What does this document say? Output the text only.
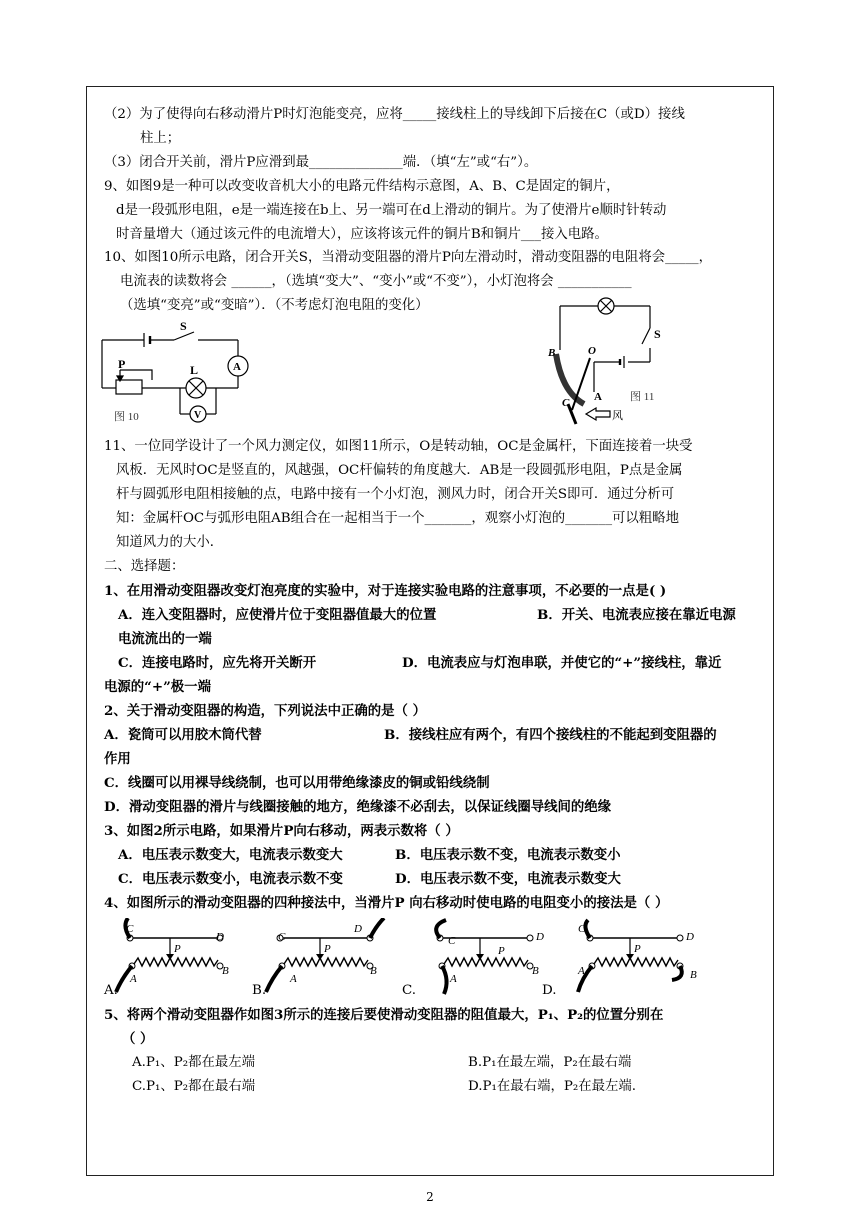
（2）为了使得向右移动滑片P时灯泡能变亮，应将_____接线柱上的导线卸下后接在C（或D）接线
柱上；
（3）闭合开关前，滑片P应滑到最______________端．（填“左”或“右”）。
9、如图9是一种可以改变收音机大小的电路元件结构示意图，A、B、C是固定的铜片，
d是一段弧形电阻，e是一端连接在b上、另一端可在d上滑动的铜片。为了使滑片e顺时针转动
时音量增大（通过该元件的电流增大），应该将该元件的铜片B和铜片___接入电路。
10、如图10所示电路，闭合开关S，当滑动变阻器的滑片P向左滑动时，滑动变阻器的电阻将会_____，
电流表的读数将会 ______，（选填“变大”、“变小”或“不变”），小灯泡将会 ___________
（选填“变亮”或“变暗”）．（不考虑灯泡电阻的变化）
S
A
L
P
V
图 10
S
B	O
A
C
风
图 11
11、一位同学设计了一个风力测定仪，如图11所示，O是转动轴，OC是金属杆，下面连接着一块受
风板．无风时OC是竖直的，风越强，OC杆偏转的角度越大．AB是一段圆弧形电阻，P点是金属
杆与圆弧形电阻相接触的点，电路中接有一个小灯泡，测风力时，闭合开关S即可．通过分析可
知：金属杆OC与弧形电阻AB组合在一起相当于一个_______，观察小灯泡的_______可以粗略地
知道风力的大小．
二、选择题：
1、在用滑动变阻器改变灯泡亮度的实验中，对于连接实验电路的注意事项，不必要的一点是( )
A．连入变阻器时，应使滑片位于变阻器值最大的位置	B．开关、电流表应接在靠近电源
电流流出的一端
C．连接电路时，应先将开关断开	D．电流表应与灯泡串联，并使它的“+”接线柱，靠近
电源的“+”极一端
2、关于滑动变阻器的构造，下列说法中正确的是（ ）
A．瓷筒可以用胶木筒代替	B．接线柱应有两个，有四个接线柱的不能起到变阻器的
作用
C．线圈可以用裸导线绕制，也可以用带绝缘漆皮的铜或铅线绕制
D．滑动变阻器的滑片与线圈接触的地方，绝缘漆不必刮去，以保证线圈导线间的绝缘
3、如图2所示电路，如果滑片P向右移动，两表示数将（ ）
A．电压表示数变大，电流表示数变大	B．电压表示数不变，电流表示数变小
C．电压表示数变小，电流表示数不变	D．电压表示数不变，电流表示数变大
4、如图所示的滑动变阻器的四种接法中，当滑片P 向右移动时使电路的电阻变小的接法是（ ）
C
D
P
A
B
C
D
P
A
B
C	D
P
A
B
C
D
P
A	B
A.	B.	C.	D.
5、将两个滑动变阻器作如图3所示的连接后要使滑动变阻器的阻值最大，P₁、P₂的位置分别在
（ ）
A.P₁、P₂都在最左端	B.P₁在最左端，P₂在最右端
C.P₁、P₂都在最右端	D.P₁在最右端，P₂在最左端.
2
